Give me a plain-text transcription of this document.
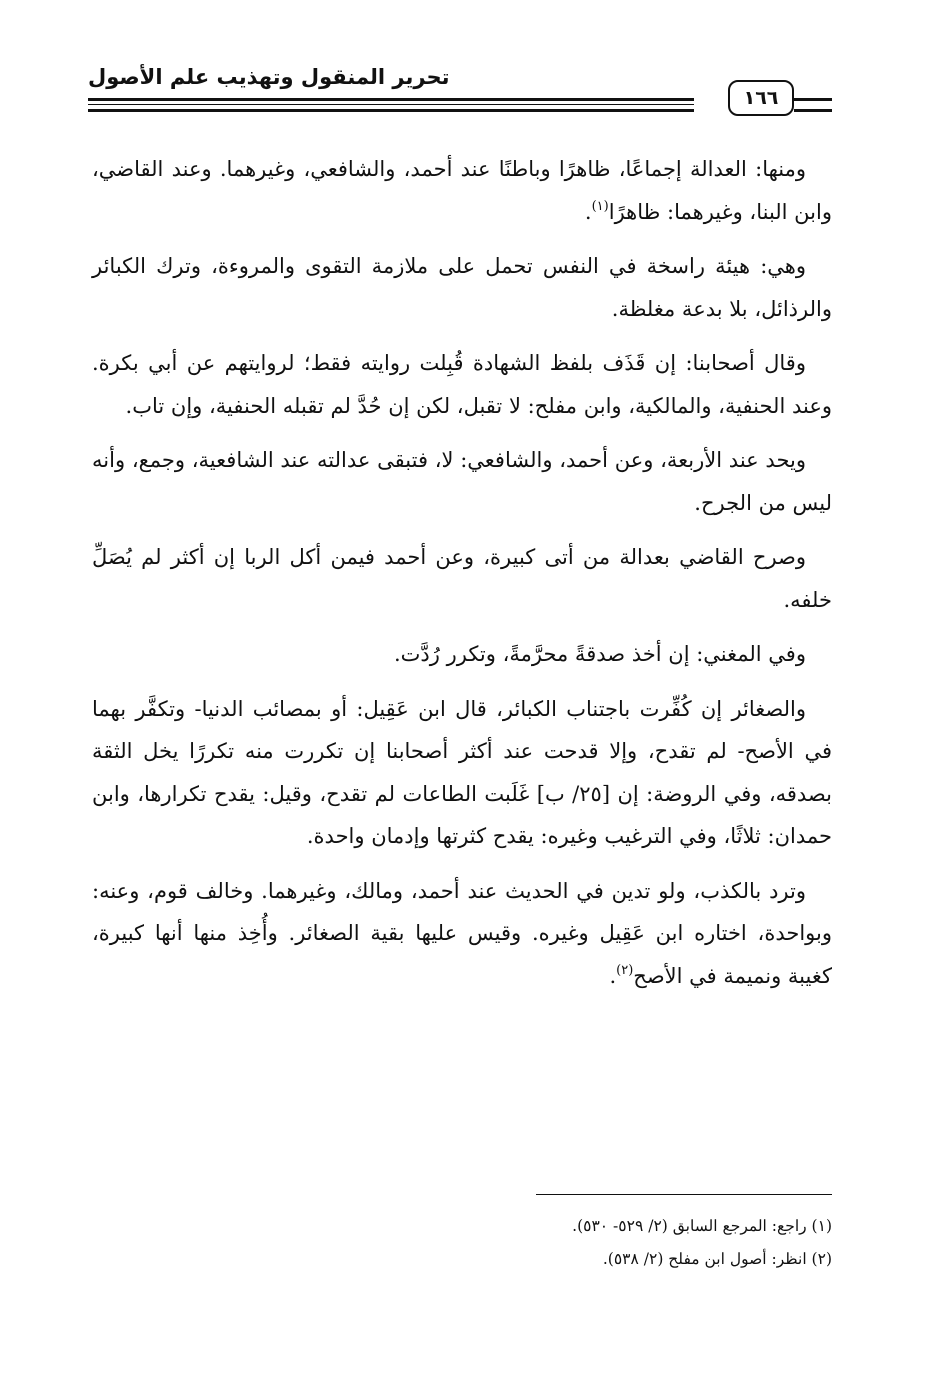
تحرير المنقول وتهذيب علم الأصول
١٦٦

ومنها: العدالة إجماعًا، ظاهرًا وباطنًا عند أحمد، والشافعي، وغيرهما. وعند القاضي، وابن البنا، وغيرهما: ظاهرًا$^{(١)}$.

وهي: هيئة راسخة في النفس تحمل على ملازمة التقوى والمروءة، وترك الكبائر والرذائل، بلا بدعة مغلظة.

وقال أصحابنا: إن قَذَف بلفظ الشهادة قُبِلت روايته فقط؛ لروايتهم عن أبي بكرة. وعند الحنفية، والمالكية، وابن مفلح: لا تقبل، لكن إن حُدَّ لم تقبله الحنفية، وإن تاب.

ويحد عند الأربعة، وعن أحمد، والشافعي: لا، فتبقى عدالته عند الشافعية، وجمع، وأنه ليس من الجرح.

وصرح القاضي بعدالة من أتى كبيرة، وعن أحمد فيمن أكل الربا إن أكثر لم يُصَلِّ خلفه.

وفي المغني: إن أخذ صدقةً محرَّمةً، وتكرر رُدَّت.

والصغائر إن كُفِّرت باجتناب الكبائر، قال ابن عَقِيل: أو بمصائب الدنيا- وتكفَّر بهما في الأصح- لم تقدح، وإلا قدحت عند أكثر أصحابنا إن تكررت منه تكررًا يخل الثقة بصدقه، وفي الروضة: إن [٢٥/ ب] غَلَبت الطاعات لم تقدح، وقيل: يقدح تكرارها، وابن حمدان: ثلاثًا، وفي الترغيب وغيره: يقدح كثرتها وإدمان واحدة.

وترد بالكذب، ولو تدين في الحديث عند أحمد، ومالك، وغيرهما. وخالف قوم، وعنه: وبواحدة، اختاره ابن عَقِيل وغيره. وقيس عليها بقية الصغائر. وأُخِذ منها أنها كبيرة، كغيبة ونميمة في الأصح$^{(٢)}$.

(١) راجع: المرجع السابق (٢/ ٥٢٩- ٥٣٠).
(٢) انظر: أصول ابن مفلح (٢/ ٥٣٨).
